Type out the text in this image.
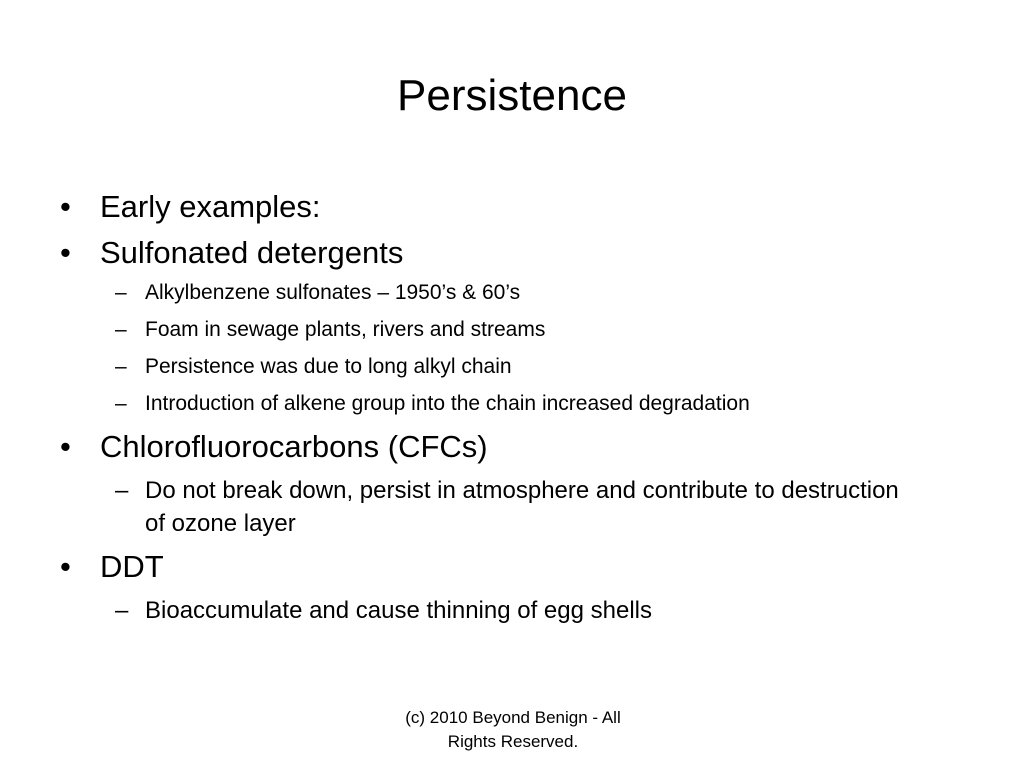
Persistence
• Early examples:
• Sulfonated detergents
– Alkylbenzene sulfonates – 1950’s & 60’s
– Foam in sewage plants, rivers and streams
– Persistence was due to long alkyl chain
– Introduction of alkene group into the chain increased degradation
• Chlorofluorocarbons (CFCs)
– Do not break down, persist in atmosphere and contribute to destruction of ozone layer
• DDT
– Bioaccumulate and cause thinning of egg shells
(c) 2010 Beyond Benign - All
Rights Reserved.
